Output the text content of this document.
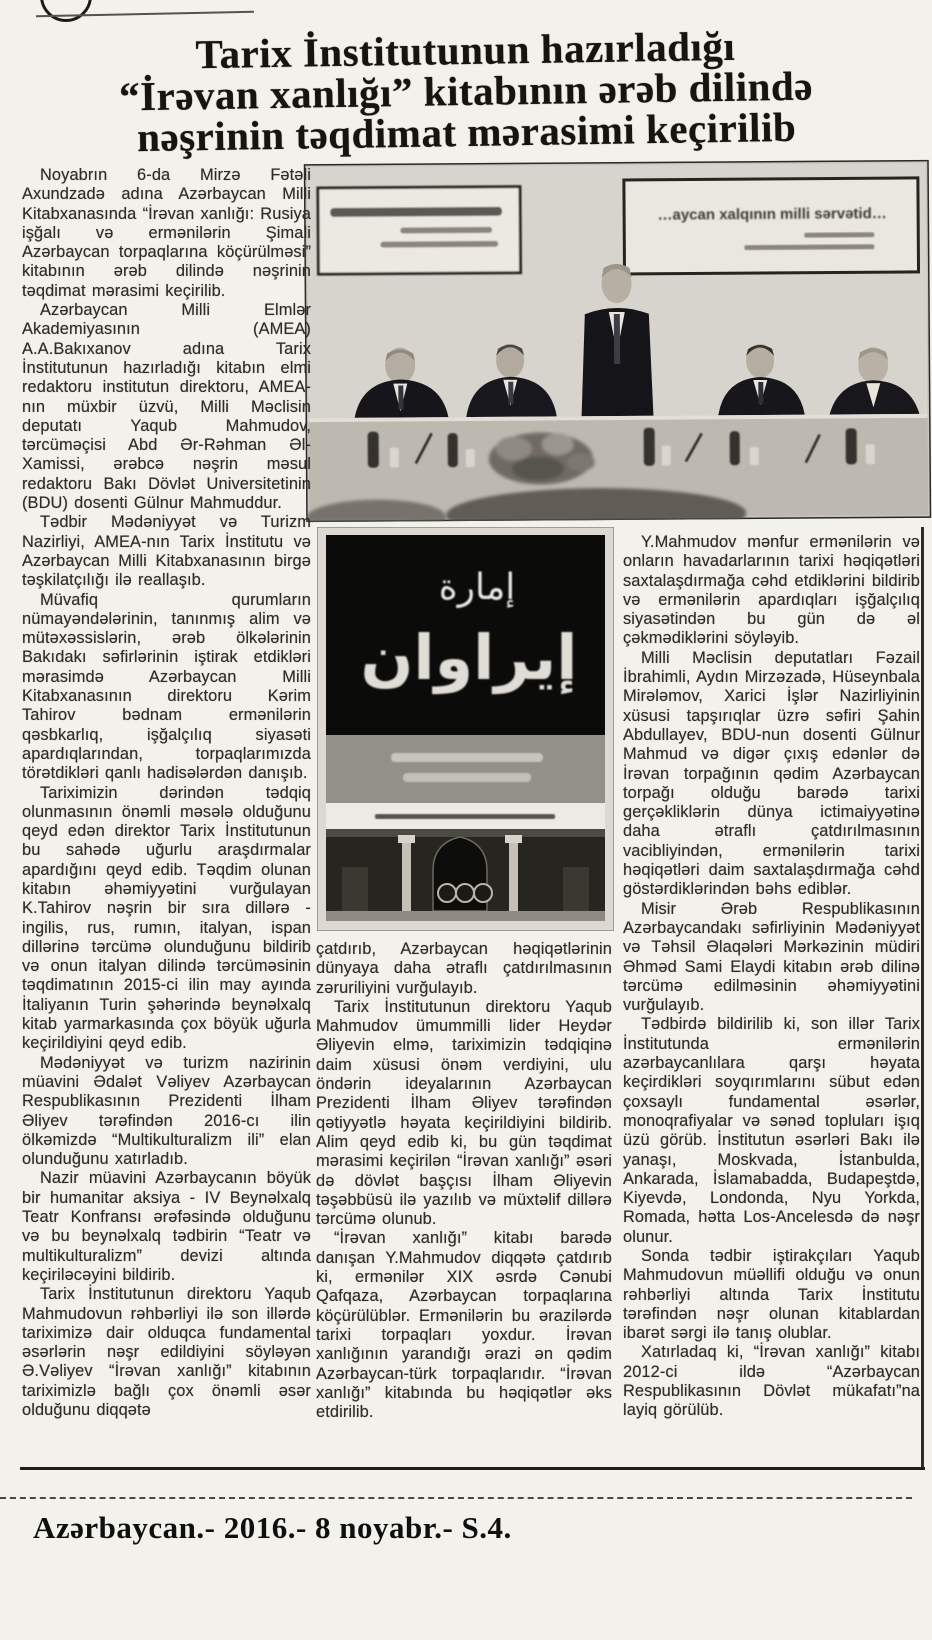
Tarix İnstitutunun hazırladığı
“İrəvan xanlığı” kitabının ərəb dilində
nəşrinin təqdimat mərasimi keçirilib
…aycan xalqının milli sərvətid…
إمارة
إيراوان

Noyabrın 6-da Mirzə Fətəli Axundzadə adına Azərbaycan Milli Kitabxanasında “İrəvan xanlığı: Rusiya işğalı və ermənilərin Şimali Azərbaycan torpaqlarına köçürülməsi” kitabının ərəb dilində nəşrinin təqdimat mərasimi keçirilib.

Azərbaycan Milli Elmlər Akademiyasının (AMEA) A.A.Bakıxanov adına Tarix İnstitutunun hazırladığı kitabın elmi redaktoru institutun direktoru, AMEA-nın müxbir üzvü, Milli Məclisin deputatı Yaqub Mahmudov, tərcüməçisi Abd Ər-Rəhman Əl-Xamissi, ərəbcə nəşrin məsul redaktoru Bakı Dövlət Universitetinin (BDU) dosenti Gülnur Mahmuddur.

Tədbir Mədəniyyət və Turizm Nazirliyi, AMEA-nın Tarix İnstitutu və Azərbaycan Milli Kitabxanasının birgə təşkilatçılığı ilə reallaşıb.

Müvafiq qurumların nümayəndələrinin, tanınmış alim və mütəxəssislərin, ərəb ölkələrinin Bakıdakı səfirlərinin iştirak etdikləri mərasimdə Azərbaycan Milli Kitabxanasının direktoru Kərim Tahirov bədnam ermənilərin qəsbkarlıq, işğalçılıq siyasəti apardıqlarından, torpaqlarımızda törətdikləri qanlı hadisələrdən danışıb.

Tariximizin dərindən tədqiq olunmasının önəmli məsələ olduğunu qeyd edən direktor Tarix İnstitutunun bu sahədə uğurlu araşdırmalar apardığını qeyd edib. Təqdim olunan kitabın əhəmiyyətini vurğulayan K.Tahirov nəşrin bir sıra dillərə - ingilis, rus, rumın, italyan, ispan dillərinə tərcümə olunduğunu bildirib və onun italyan dilində tərcüməsinin təqdimatının 2015-ci ilin may ayında İtaliyanın Turin şəhərində beynəlxalq kitab yarmarkasında çox böyük uğurla keçirildiyini qeyd edib.

Mədəniyyət və turizm nazirinin müavini Ədalət Vəliyev Azərbaycan Respublikasının Prezidenti İlham Əliyev tərəfindən 2016-cı ilin ölkəmizdə “Multikulturalizm ili” elan olunduğunu xatırladıb.

Nazir müavini Azərbaycanın böyük bir humanitar aksiya - IV Beynəlxalq Teatr Konfransı ərəfəsində olduğunu və bu beynəlxalq tədbirin “Teatr və multikulturalizm” devizi altında keçiriləcəyini bildirib.

Tarix İnstitutunun direktoru Yaqub Mahmudovun rəhbərliyi ilə son illərdə tariximizə dair olduqca fundamental əsərlərin nəşr edildiyini söyləyən Ə.Vəliyev “İrəvan xanlığı” kitabının tariximizlə bağlı çox önəmli əsər olduğunu diqqətə

çatdırıb, Azərbaycan həqiqətlərinin dünyaya daha ətraflı çatdırılmasının zəruriliyini vurğulayıb.

Tarix İnstitutunun direktoru Yaqub Mahmudov ümummilli lider Heydər Əliyevin elmə, tariximizin tədqiqinə daim xüsusi önəm verdiyini, ulu öndərin ideyalarının Azərbaycan Prezidenti İlham Əliyev tərəfindən qətiyyətlə həyata keçirildiyini bildirib. Alim qeyd edib ki, bu gün təqdimat mərasimi keçirilən “İrəvan xanlığı” əsəri də dövlət başçısı İlham Əliyevin təşəbbüsü ilə yazılıb və müxtəlif dillərə tərcümə olunub.

“İrəvan xanlığı” kitabı barədə danışan Y.Mahmudov diqqətə çatdırıb ki, ermənilər XIX əsrdə Cənubi Qafqaza, Azərbaycan torpaqlarına köçürülüblər. Ermənilərin bu ərazilərdə tarixi torpaqları yoxdur. İrəvan xanlığının yarandığı ərazi ən qədim Azərbaycan-türk torpaqlarıdır. “İrəvan xanlığı” kitabında bu həqiqətlər əks etdirilib.

Y.Mahmudov mənfur ermənilərin və onların havadarlarının tarixi həqiqətləri saxtalaşdırmağa cəhd etdiklərini bildirib və ermənilərin apardıqları işğalçılıq siyasətindən bu gün də əl çəkmədiklərini söyləyib.

Milli Məclisin deputatları Fəzail İbrahimli, Aydın Mirzəzadə, Hüseynbala Mirələmov, Xarici İşlər Nazirliyinin xüsusi tapşırıqlar üzrə səfiri Şahin Abdullayev, BDU-nun dosenti Gülnur Mahmud və digər çıxış edənlər də İrəvan torpağının qədim Azərbaycan torpağı olduğu barədə tarixi gerçəkliklərin dünya ictimaiyyətinə daha ətraflı çatdırılmasının vacibliyindən, ermənilərin tarixi həqiqətləri daim saxtalaşdırmağa cəhd göstərdiklərindən bəhs ediblər.

Misir Ərəb Respublikasının Azərbaycandakı səfirliyinin Mədəniyyət və Təhsil Əlaqələri Mərkəzinin müdiri Əhməd Sami Elaydi kitabın ərəb dilinə tərcümə edilməsinin əhəmiyyətini vurğulayıb.

Tədbirdə bildirilib ki, son illər Tarix İnstitutunda ermənilərin azərbaycanlılara qarşı həyata keçirdikləri soyqırımlarını sübut edən çoxsaylı fundamental əsərlər, monoqrafiyalar və sənəd topluları işıq üzü görüb. İnstitutun əsərləri Bakı ilə yanaşı, Moskvada, İstanbulda, Ankarada, İslamabadda, Budapeştdə, Kiyevdə, Londonda, Nyu Yorkda, Romada, hətta Los-Ancelesdə də nəşr olunur.

Sonda tədbir iştirakçıları Yaqub Mahmudovun müəllifi olduğu və onun rəhbərliyi altında Tarix İnstitutu tərəfindən nəşr olunan kitablardan ibarət sərgi ilə tanış olublar.

Xatırladaq ki, “İrəvan xanlığı” kitabı 2012-ci ildə “Azərbaycan Respublikasının Dövlət mükafatı”na layiq görülüb.

Azərbaycan.- 2016.- 8 noyabr.- S.4.
